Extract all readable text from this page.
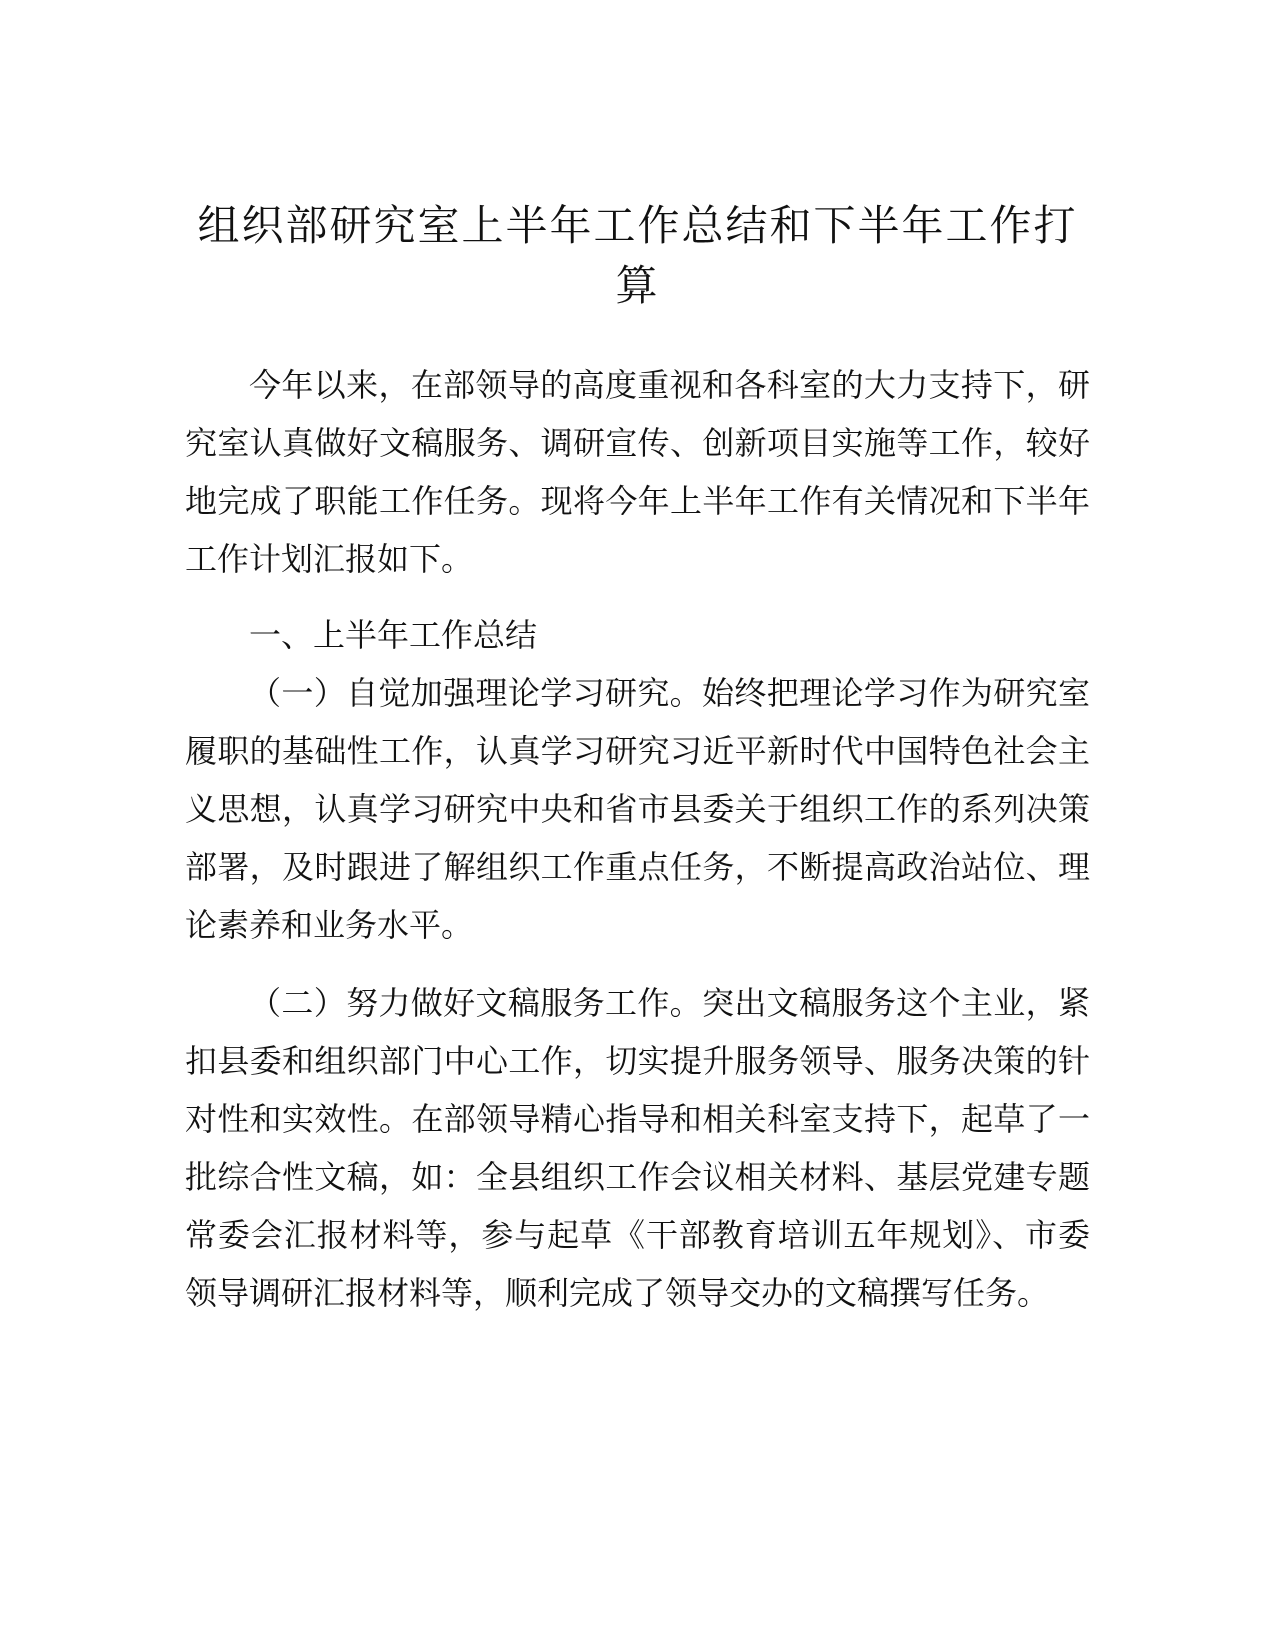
组织部研究室上半年工作总结和下半年工作打算

今年以来，在部领导的高度重视和各科室的大力支持下，研究室认真做好文稿服务、调研宣传、创新项目实施等工作，较好地完成了职能工作任务。现将今年上半年工作有关情况和下半年工作计划汇报如下。

一、上半年工作总结

（一）自觉加强理论学习研究。始终把理论学习作为研究室履职的基础性工作，认真学习研究习近平新时代中国特色社会主义思想，认真学习研究中央和省市县委关于组织工作的系列决策部署，及时跟进了解组织工作重点任务，不断提高政治站位、理论素养和业务水平。

（二）努力做好文稿服务工作。突出文稿服务这个主业，紧扣县委和组织部门中心工作，切实提升服务领导、服务决策的针对性和实效性。在部领导精心指导和相关科室支持下，起草了一批综合性文稿，如：全县组织工作会议相关材料、基层党建专题常委会汇报材料等，参与起草《干部教育培训五年规划》、市委领导调研汇报材料等，顺利完成了领导交办的文稿撰写任务。
